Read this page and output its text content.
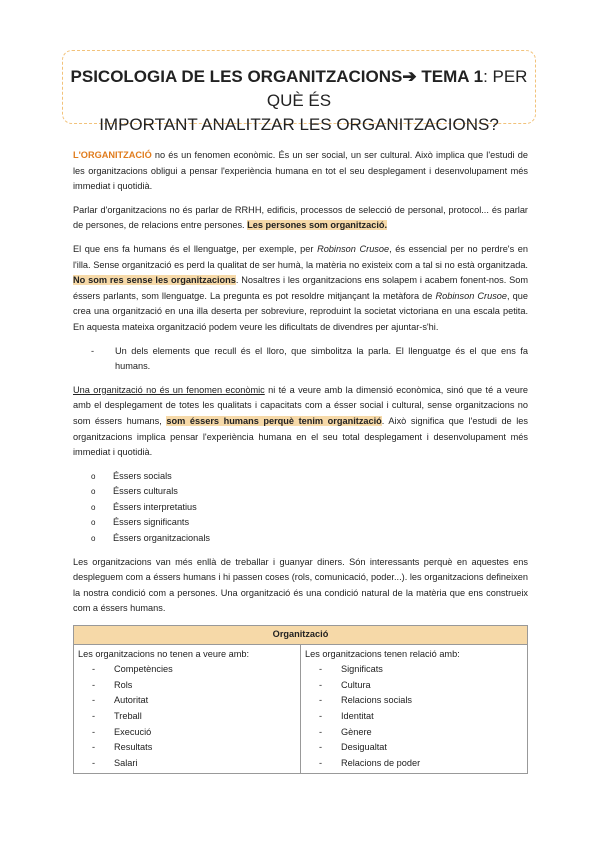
PSICOLOGIA DE LES ORGANITZACIONS➔ TEMA 1: PER QUÈ ÉS
IMPORTANT ANALITZAR LES ORGANITZACIONS?

L'ORGANITZACIÓ no és un fenomen econòmic. És un ser social, un ser cultural. Això implica que l'estudi de les organitzacions obligui a pensar l'experiència humana en tot el seu desplegament i desenvolupament més immediat i quotidià.

Parlar d'organitzacions no és parlar de RRHH, edificis, processos de selecció de personal, protocol... és parlar de persones, de relacions entre persones. Les persones som organització.

El que ens fa humans és el llenguatge, per exemple, per Robinson Crusoe, és essencial per no perdre's en l'illa. Sense organització es perd la qualitat de ser humà, la matèria no existeix com a tal si no està organitzada. No som res sense les organitzacions. Nosaltres i les organitzacions ens solapem i acabem fonent-nos. Som éssers parlants, som llenguatge. La pregunta es pot resoldre mitjançant la metàfora de Robinson Crusoe, que crea una organització en una illa deserta per sobreviure, reproduint la societat victoriana en una escala petita. En aquesta mateixa organització podem veure les dificultats de divendres per ajuntar-s'hi.

-	Un dels elements que recull és el lloro, que simbolitza la parla. El llenguatge és el que ens fa humans.

Una organització no és un fenomen econòmic ni té a veure amb la dimensió econòmica, sinó que té a veure amb el desplegament de totes les qualitats i capacitats com a ésser social i cultural, sense organitzacions no som éssers humans, som éssers humans perquè tenim organització. Això significa que l'estudi de les organitzacions implica pensar l'experiència humana en el seu total desplegament i desenvolupament més immediat i quotidià.

o	Éssers socials
o	Éssers culturals
o	Éssers interpretatius
o	Éssers significants
o	Éssers organitzacionals

Les organitzacions van més enllà de treballar i guanyar diners. Són interessants perquè en aquestes ens despleguem com a éssers humans i hi passen coses (rols, comunicació, poder...). les organitzacions defineixen la nostra condició com a persones. Una organització és una condició natural de la matèria que ens construeix com a éssers humans.

Organització

Les organitzacions no tenen a veure amb:
-	Competències
-	Rols
-	Autoritat
-	Treball
-	Execució
-	Resultats
-	Salari

Les organitzacions tenen relació amb:
-	Significats
-	Cultura
-	Relacions socials
-	Identitat
-	Gènere
-	Desigualtat
-	Relacions de poder
